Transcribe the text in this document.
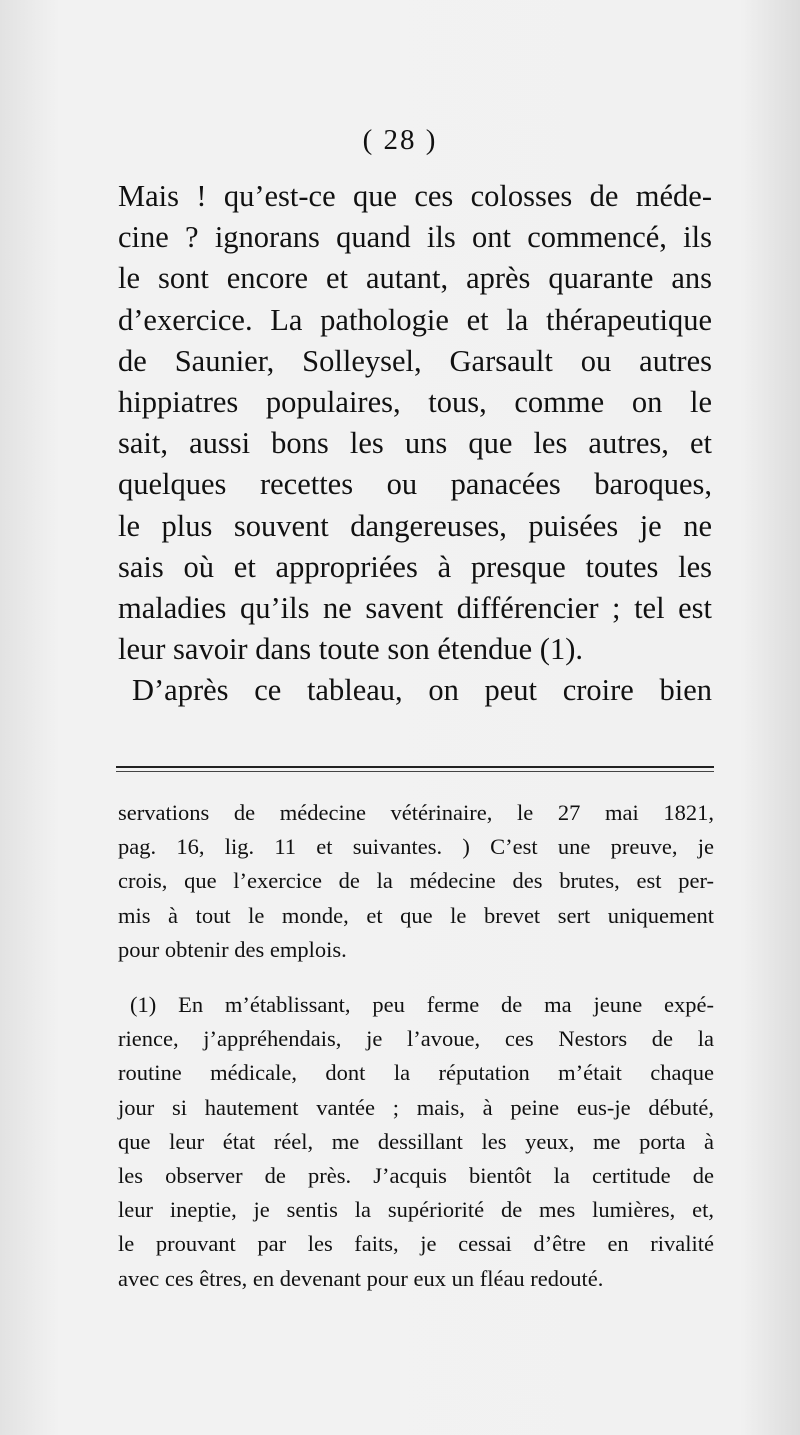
( 28 )
Mais ! qu’est-ce que ces colosses de méde-
cine ? ignorans quand ils ont commencé, ils
le sont encore et autant, après quarante ans
d’exercice. La pathologie et la thérapeutique
de Saunier, Solleysel, Garsault ou autres
hippiatres populaires, tous, comme on le
sait, aussi bons les uns que les autres, et
quelques recettes ou panacées baroques,
le plus souvent dangereuses, puisées je ne
sais où et appropriées à presque toutes les
maladies qu’ils ne savent différencier ; tel est
leur savoir dans toute son étendue (1).
D’après ce tableau, on peut croire bien
servations de médecine vétérinaire, le 27 mai 1821,
pag. 16, lig. 11 et suivantes. ) C’est une preuve, je
crois, que l’exercice de la médecine des brutes, est per-
mis à tout le monde, et que le brevet sert uniquement
pour obtenir des emplois.
(1) En m’établissant, peu ferme de ma jeune expé-
rience, j’appréhendais, je l’avoue, ces Nestors de la
routine médicale, dont la réputation m’était chaque
jour si hautement vantée ; mais, à peine eus-je débuté,
que leur état réel, me dessillant les yeux, me porta à
les observer de près. J’acquis bientôt la certitude de
leur ineptie, je sentis la supériorité de mes lumières, et,
le prouvant par les faits, je cessai d’être en rivalité
avec ces êtres, en devenant pour eux un fléau redouté.
